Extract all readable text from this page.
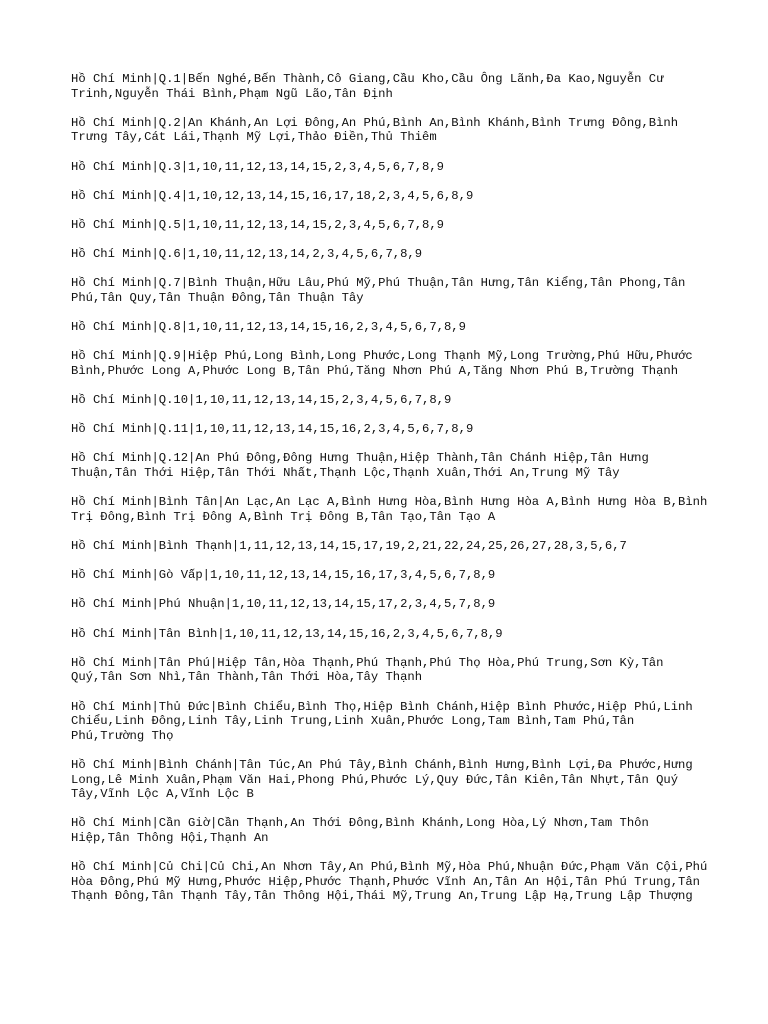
Hồ Chí Minh|Q.1|Bến Nghé,Bến Thành,Cô Giang,Cầu Kho,Cầu Ông Lãnh,Đa Kao,Nguyễn Cư Trinh,Nguyễn Thái Bình,Phạm Ngũ Lão,Tân Định

Hồ Chí Minh|Q.2|An Khánh,An Lợi Đông,An Phú,Bình An,Bình Khánh,Bình Trưng Đông,Bình Trưng Tây,Cát Lái,Thạnh Mỹ Lợi,Thảo Điền,Thủ Thiêm

Hồ Chí Minh|Q.3|1,10,11,12,13,14,15,2,3,4,5,6,7,8,9

Hồ Chí Minh|Q.4|1,10,12,13,14,15,16,17,18,2,3,4,5,6,8,9

Hồ Chí Minh|Q.5|1,10,11,12,13,14,15,2,3,4,5,6,7,8,9

Hồ Chí Minh|Q.6|1,10,11,12,13,14,2,3,4,5,6,7,8,9

Hồ Chí Minh|Q.7|Bình Thuận,Hữu Lâu,Phú Mỹ,Phú Thuận,Tân Hưng,Tân Kiểng,Tân Phong,Tân Phú,Tân Quy,Tân Thuận Đông,Tân Thuận Tây

Hồ Chí Minh|Q.8|1,10,11,12,13,14,15,16,2,3,4,5,6,7,8,9

Hồ Chí Minh|Q.9|Hiệp Phú,Long Bình,Long Phước,Long Thạnh Mỹ,Long Trường,Phú Hữu,Phước Bình,Phước Long A,Phước Long B,Tân Phú,Tăng Nhơn Phú A,Tăng Nhơn Phú B,Trường Thạnh

Hồ Chí Minh|Q.10|1,10,11,12,13,14,15,2,3,4,5,6,7,8,9

Hồ Chí Minh|Q.11|1,10,11,12,13,14,15,16,2,3,4,5,6,7,8,9

Hồ Chí Minh|Q.12|An Phú Đông,Đông Hưng Thuận,Hiệp Thành,Tân Chánh Hiệp,Tân Hưng Thuận,Tân Thới Hiệp,Tân Thới Nhất,Thạnh Lộc,Thạnh Xuân,Thới An,Trung Mỹ Tây

Hồ Chí Minh|Bình Tân|An Lạc,An Lạc A,Bình Hưng Hòa,Bình Hưng Hòa A,Bình Hưng Hòa B,Bình Trị Đông,Bình Trị Đông A,Bình Trị Đông B,Tân Tạo,Tân Tạo A

Hồ Chí Minh|Bình Thạnh|1,11,12,13,14,15,17,19,2,21,22,24,25,26,27,28,3,5,6,7

Hồ Chí Minh|Gò Vấp|1,10,11,12,13,14,15,16,17,3,4,5,6,7,8,9

Hồ Chí Minh|Phú Nhuận|1,10,11,12,13,14,15,17,2,3,4,5,7,8,9

Hồ Chí Minh|Tân Bình|1,10,11,12,13,14,15,16,2,3,4,5,6,7,8,9

Hồ Chí Minh|Tân Phú|Hiệp Tân,Hòa Thạnh,Phú Thạnh,Phú Thọ Hòa,Phú Trung,Sơn Kỳ,Tân Quý,Tân Sơn Nhì,Tân Thành,Tân Thới Hòa,Tây Thạnh

Hồ Chí Minh|Thủ Đức|Bình Chiểu,Bình Thọ,Hiệp Bình Chánh,Hiệp Bình Phước,Hiệp Phú,Linh Chiểu,Linh Đông,Linh Tây,Linh Trung,Linh Xuân,Phước Long,Tam Bình,Tam Phú,Tân Phú,Trường Thọ

Hồ Chí Minh|Bình Chánh|Tân Túc,An Phú Tây,Bình Chánh,Bình Hưng,Bình Lợi,Đa Phước,Hưng Long,Lê Minh Xuân,Phạm Văn Hai,Phong Phú,Phước Lý,Quy Đức,Tân Kiên,Tân Nhựt,Tân Quý Tây,Vĩnh Lộc A,Vĩnh Lộc B

Hồ Chí Minh|Cần Giờ|Cần Thạnh,An Thới Đông,Bình Khánh,Long Hòa,Lý Nhơn,Tam Thôn Hiệp,Tân Thông Hội,Thạnh An

Hồ Chí Minh|Củ Chi|Củ Chi,An Nhơn Tây,An Phú,Bình Mỹ,Hòa Phú,Nhuận Đức,Phạm Văn Cội,Phú Hòa Đông,Phú Mỹ Hưng,Phước Hiệp,Phước Thạnh,Phước Vĩnh An,Tân An Hội,Tân Phú Trung,Tân Thạnh Đông,Tân Thạnh Tây,Tân Thông Hội,Thái Mỹ,Trung An,Trung Lập Hạ,Trung Lập Thượng
